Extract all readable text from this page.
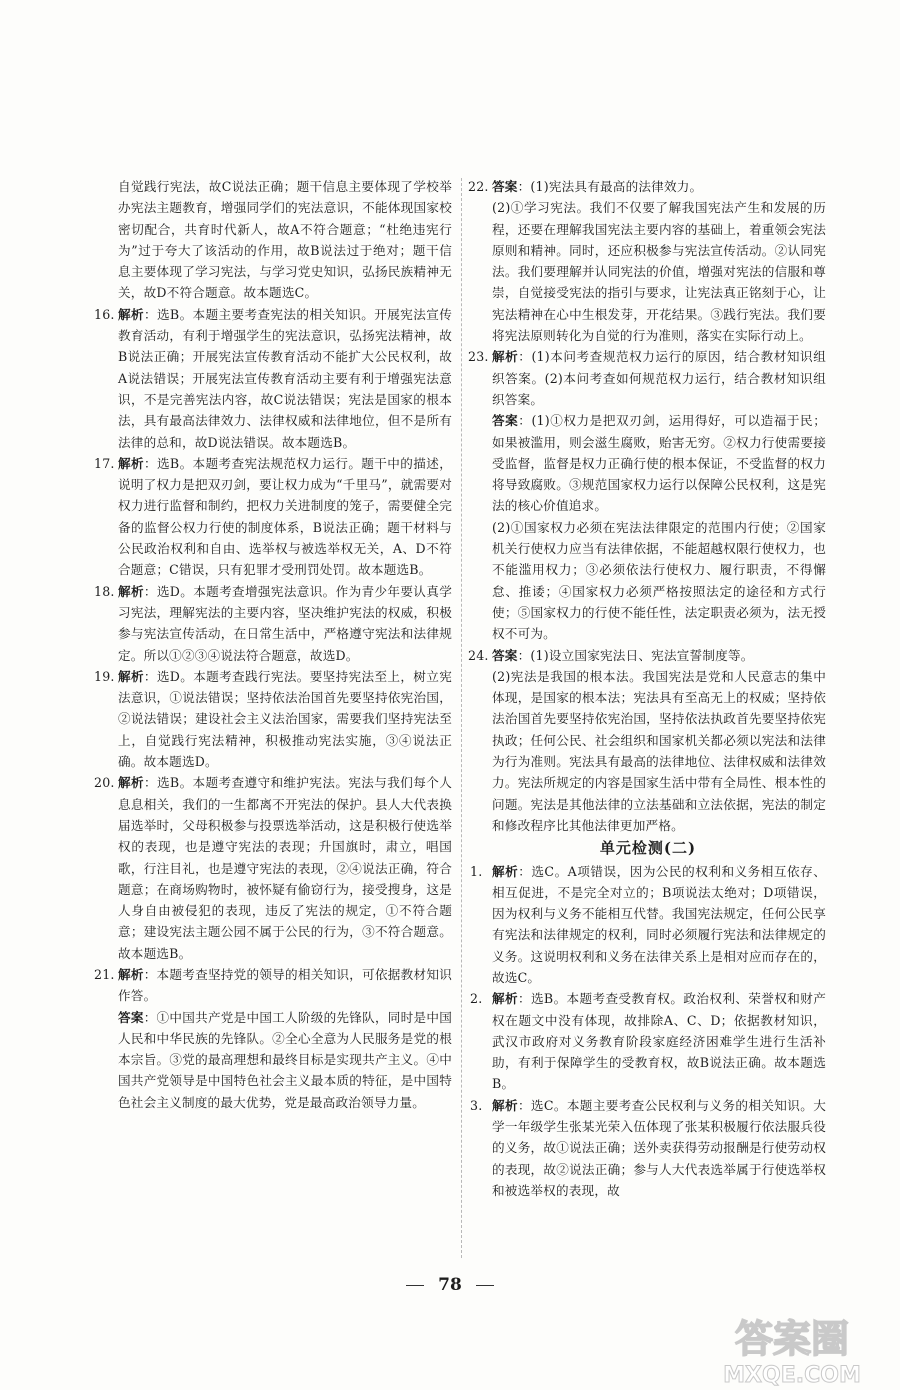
自觉践行宪法，故C说法正确；题干信息主要体现了学校举办宪法主题教育，增强同学们的宪法意识，不能体现国家校密切配合，共育时代新人，故A不符合题意；“杜绝违宪行为”过于夸大了该活动的作用，故B说法过于绝对；题干信息主要体现了学习宪法，与学习党史知识，弘扬民族精神无关，故D不符合题意。故本题选C。

16. 解析：选B。本题主要考查宪法的相关知识。开展宪法宣传教育活动，有利于增强学生的宪法意识，弘扬宪法精神，故B说法正确；开展宪法宣传教育活动不能扩大公民权利，故A说法错误；开展宪法宣传教育活动主要有利于增强宪法意识，不是完善宪法内容，故C说法错误；宪法是国家的根本法，具有最高法律效力、法律权威和法律地位，但不是所有法律的总和，故D说法错误。故本题选B。

17. 解析：选B。本题考查宪法规范权力运行。题干中的描述，说明了权力是把双刃剑，要让权力成为“千里马”，就需要对权力进行监督和制约，把权力关进制度的笼子，需要健全完备的监督公权力行使的制度体系，B说法正确；题干材料与公民政治权利和自由、选举权与被选举权无关，A、D不符合题意；C错误，只有犯罪才受刑罚处罚。故本题选B。

18. 解析：选D。本题考查增强宪法意识。作为青少年要认真学习宪法，理解宪法的主要内容，坚决维护宪法的权威，积极参与宪法宣传活动，在日常生活中，严格遵守宪法和法律规定。所以①②③④说法符合题意，故选D。

19. 解析：选D。本题考查践行宪法。要坚持宪法至上，树立宪法意识，①说法错误；坚持依法治国首先要坚持依宪治国，②说法错误；建设社会主义法治国家，需要我们坚持宪法至上，自觉践行宪法精神，积极推动宪法实施，③④说法正确。故本题选D。

20. 解析：选B。本题考查遵守和维护宪法。宪法与我们每个人息息相关，我们的一生都离不开宪法的保护。县人大代表换届选举时，父母积极参与投票选举活动，这是积极行使选举权的表现，也是遵守宪法的表现；升国旗时，肃立，唱国歌，行注目礼，也是遵守宪法的表现，②④说法正确，符合题意；在商场购物时，被怀疑有偷窃行为，接受搜身，这是人身自由被侵犯的表现，违反了宪法的规定，①不符合题意；建设宪法主题公园不属于公民的行为，③不符合题意。故本题选B。

21. 解析：本题考查坚持党的领导的相关知识，可依据教材知识作答。

答案：①中国共产党是中国工人阶级的先锋队，同时是中国人民和中华民族的先锋队。②全心全意为人民服务是党的根本宗旨。③党的最高理想和最终目标是实现共产主义。④中国共产党领导是中国特色社会主义最本质的特征，是中国特色社会主义制度的最大优势，党是最高政治领导力量。

22. 答案：(1)宪法具有最高的法律效力。

(2)①学习宪法。我们不仅要了解我国宪法产生和发展的历程，还要在理解我国宪法主要内容的基础上，着重领会宪法原则和精神。同时，还应积极参与宪法宣传活动。②认同宪法。我们要理解并认同宪法的价值，增强对宪法的信服和尊崇，自觉接受宪法的指引与要求，让宪法真正铭刻于心，让宪法精神在心中生根发芽，开花结果。③践行宪法。我们要将宪法原则转化为自觉的行为准则，落实在实际行动上。

23. 解析：(1)本问考查规范权力运行的原因，结合教材知识组织答案。(2)本问考查如何规范权力运行，结合教材知识组织答案。

答案：(1)①权力是把双刃剑，运用得好，可以造福于民；如果被滥用，则会滋生腐败，贻害无穷。②权力行使需要接受监督，监督是权力正确行使的根本保证，不受监督的权力将导致腐败。③规范国家权力运行以保障公民权利，这是宪法的核心价值追求。

(2)①国家权力必须在宪法法律限定的范围内行使；②国家机关行使权力应当有法律依据，不能超越权限行使权力，也不能滥用权力；③必须依法行使权力、履行职责，不得懈怠、推诿；④国家权力必须严格按照法定的途径和方式行使；⑤国家权力的行使不能任性，法定职责必须为，法无授权不可为。

24. 答案：(1)设立国家宪法日、宪法宣誓制度等。

(2)宪法是我国的根本法。我国宪法是党和人民意志的集中体现，是国家的根本法；宪法具有至高无上的权威；坚持依法治国首先要坚持依宪治国，坚持依法执政首先要坚持依宪执政；任何公民、社会组织和国家机关都必须以宪法和法律为行为准则。宪法具有最高的法律地位、法律权威和法律效力。宪法所规定的内容是国家生活中带有全局性、根本性的问题。宪法是其他法律的立法基础和立法依据，宪法的制定和修改程序比其他法律更加严格。

单元检测(二)

1. 解析：选C。A项错误，因为公民的权利和义务相互依存、相互促进，不是完全对立的；B项说法太绝对；D项错误，因为权利与义务不能相互代替。我国宪法规定，任何公民享有宪法和法律规定的权利，同时必须履行宪法和法律规定的义务。这说明权利和义务在法律关系上是相对应而存在的，故选C。

2. 解析：选B。本题考查受教育权。政治权利、荣誉权和财产权在题文中没有体现，故排除A、C、D；依据教材知识，武汉市政府对义务教育阶段家庭经济困难学生进行生活补助，有利于保障学生的受教育权，故B说法正确。故本题选B。

3. 解析：选C。本题主要考查公民权利与义务的相关知识。大学一年级学生张某光荣入伍体现了张某积极履行依法服兵役的义务，故①说法正确；送外卖获得劳动报酬是行使劳动权的表现，故②说法正确；参与人大代表选举属于行使选举权和被选举权的表现，故

78
答案圈
MXQE.COM
